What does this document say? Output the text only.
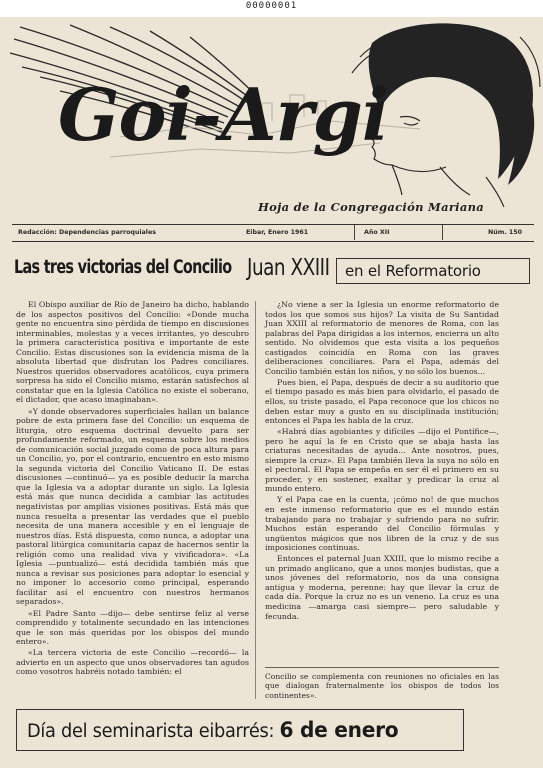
00000001
Goi-Argi
Hoja de la Congregación Mariana
Redacción: Dependencias parroquiales	Eibar, Enero 1961	Año XII	Núm. 150
Las tres victorias del Concilio Juan XXIII	en el Reformatorio

El Obispo auxiliar de Río de Janeiro ha dicho, hablando de los aspectos positivos del Concilio: «Donde mucha gente no encuentra sino pérdida de tiempo en discusiones interminables, molestas y a veces irritantes, yo descubro la primera característica positiva e importante de este Concilio. Estas discusiones son la evidencia misma de la absoluta libertad que disfrutan los Padres conciliares. Nuestros queridos observadores acatólicos, cuya primera sorpresa ha sido el Concilio mismo, estarán satisfechos al constatar que en la Iglesia Católica no existe el soberano, el dictador, que acaso imaginaban».

«Y donde observadores superficiales hallan un balance pobre de esta primera fase del Concilio: un esquema de liturgia, otro esquema doctrinal devuelto para ser profundamente reformado, un esquema sobre los medios de comunicación social juzgado como de poca altura para un Concilio, yo, por el contrario, encuentro en esto mismo la segunda victoria del Concilio Vaticano II. De estas discusiones —continuó— ya es posible deducir la marcha que la Iglesia va a adoptar durante un siglo. La Iglesia está más que nunca decidida a cambiar las actitudes negativistas por amplias visiones positivas. Está más que nunca resuelta a presentar las verdades que el pueblo necesita de una manera accesible y en el lenguaje de nuestros días. Está dispuesta, como nunca, a adoptar una pastoral litúrgica comunitaria capaz de hacernos sentir la religión como una realidad viva y vivificadora». «La Iglesia —puntualizó— está decidida también más que nunca a revisar sus posiciones para adoptar lo esencial y no imponer lo accesorio como principal, esperando facilitar así el encuentro con nuestros hermanos separados».

«El Padre Santo —dijo— debe sentirse feliz al verse comprendido y totalmente secundado en las intenciones que le son más queridas por los obispos del mundo entero».

«La tercera victoria de este Concilio —recordó— la advierto en un aspecto que unos observadores tan agudos como vosotros habréis notado también: el

¿No viene a ser la Iglesia un enorme reformatorio de todos los que somos sus hijos? La visita de Su Santidad Juan XXIII al reformatorio de menores de Roma, con las palabras del Papa dirigidas a los internos, encierra un alto sentido. No olvidemos que esta visita a los pequeños castigados coincidía en Roma con las graves deliberaciones conciliares. Para el Papa, además del Concilio también están los niños, y no sólo los buenos...

Pues bien, el Papa, después de decir a su auditorio que el tiempo pasado es más bien para olvidarlo, el pasado de ellos, su triste pasado, el Papa reconoce que los chicos no deben estar muy a gusto en su disciplinada institución; entonces el Papa les habla de la cruz.

«Habrá días agobiantes y difíciles —dijo el Pontífice—, pero he aquí la fe en Cristo que se abaja hasta las criaturas necesitadas de ayuda... Ante nosotros, pues, siempre la cruz». El Papa también lleva la suya no sólo en el pectoral. El Papa se empeña en ser él el primero en su proceder, y en sostener, exaltar y predicar la cruz al mundo entero.

Y el Papa cae en la cuenta, ¡cómo no! de que muchos en este inmenso reformatorio que es el mundo están trabajando para no trabajar y sufriendo para no sufrir. Muchos están esperando del Concilio fórmulas y ungüentos mágicos que nos libren de la cruz y de sus imposiciones continuas.

Entonces el paternal Juan XXIII, que lo mismo recibe a un primado anglicano, que a unos monjes budistas, que a unos jóvenes del reformatorio, nos da una consigna antigua y moderna, perenne: hay que llevar la cruz de cada día. Porque la cruz no es un veneno. La cruz es una medicina —amarga casi siempre— pero saludable y fecunda.

Concilio se complementa con reuniones no oficiales en las que dialogan fraternalmente los obispos de todos los continentes».
Día del seminarista eibarrés: 6 de enero
